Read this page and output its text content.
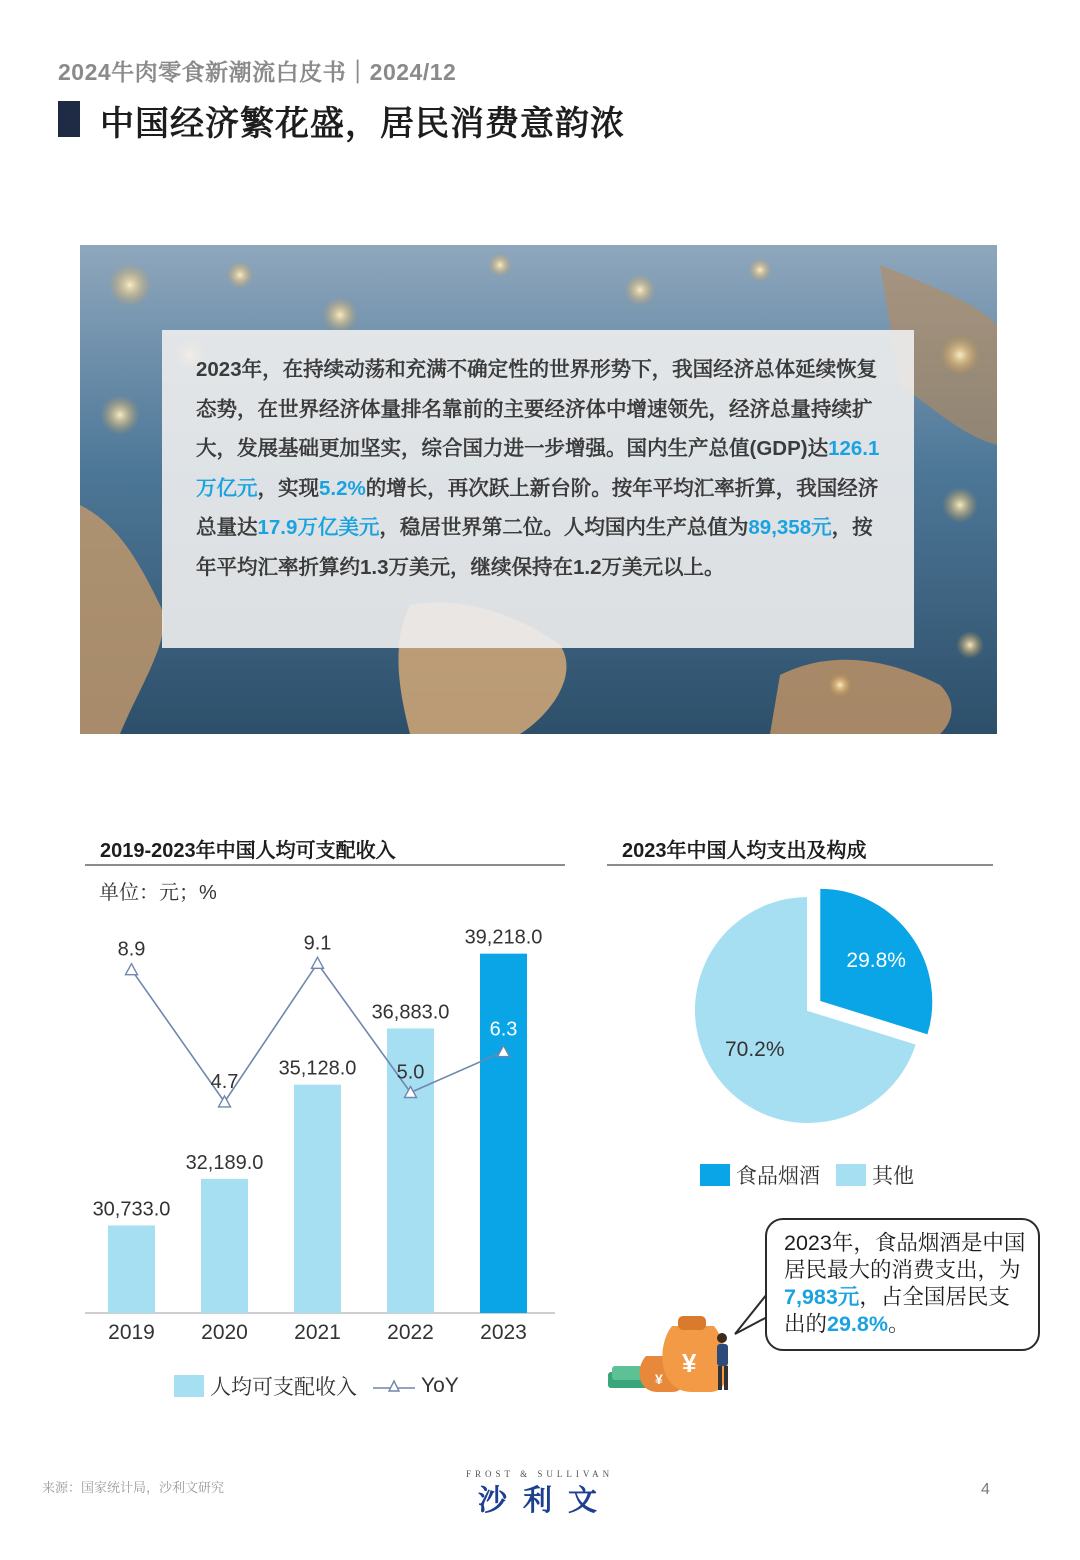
2024牛肉零食新潮流白皮书｜2024/12
中国经济繁花盛，居民消费意韵浓

2023年，在持续动荡和充满不确定性的世界形势下，我国经济总体延续恢复态势，在世界经济体量排名靠前的主要经济体中增速领先，经济总量持续扩大，发展基础更加坚实，综合国力进一步增强。国内生产总值(GDP)达126.1万亿元，实现5.2%的增长，再次跃上新台阶。按年平均汇率折算，我国经济总量达17.9万亿美元，稳居世界第二位。人均国内生产总值为89,358元，按年平均汇率折算约1.3万美元，继续保持在1.2万美元以上。

2019-2023年中国人均可支配收入
单位：元；%
30,733.0
2019
32,189.0
2020
35,128.0
2021
36,883.0
2022
39,218.0
2023
8.9
4.7
9.1
5.0
6.3
人均可支配收入	YoY
2023年中国人均支出及构成
29.8%
70.2%
食品烟酒 其他
¥
¥
2023年，食品烟酒是中国居民最大的消费支出，为7,983元，占全国居民支出的29.8%。
来源：国家统计局，沙利文研究
FROST & SULLIVAN
沙利文	4
